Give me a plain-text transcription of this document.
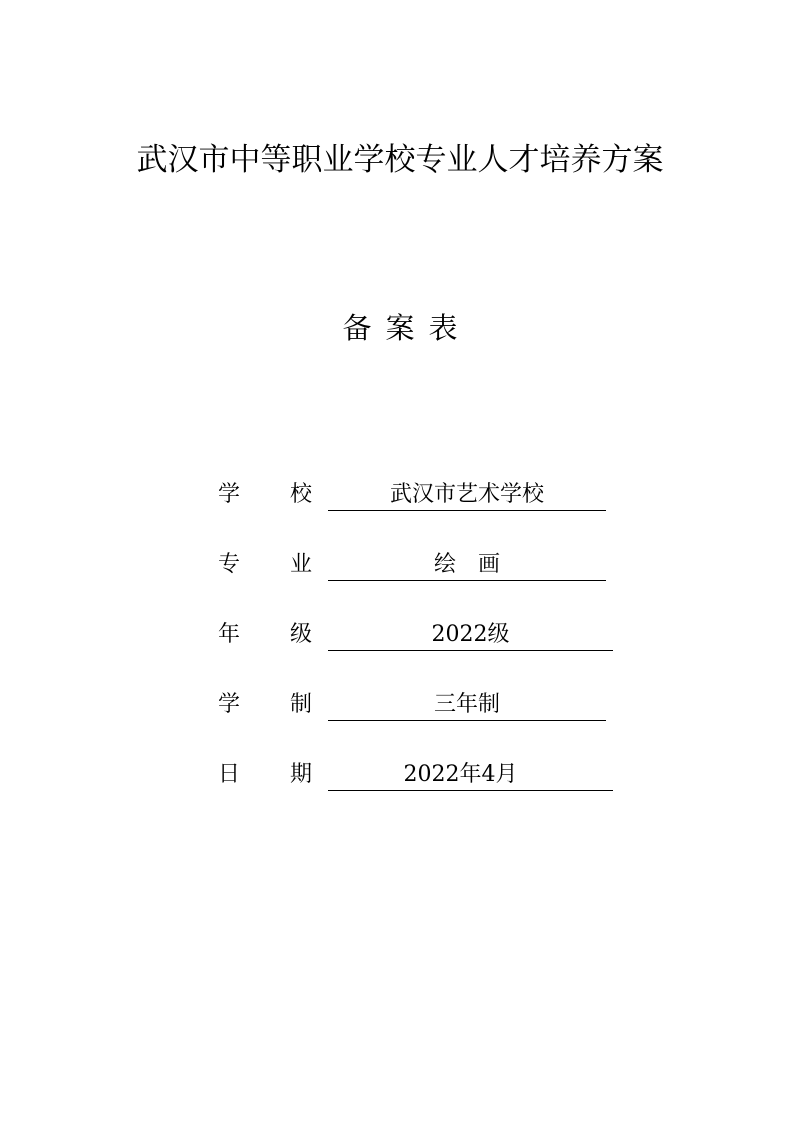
武汉市中等职业学校专业人才培养方案
备案表
学 校	武汉市艺术学校
专 业	绘　画
年 级	2022级
学 制	三年制
日 期	2022年4月
